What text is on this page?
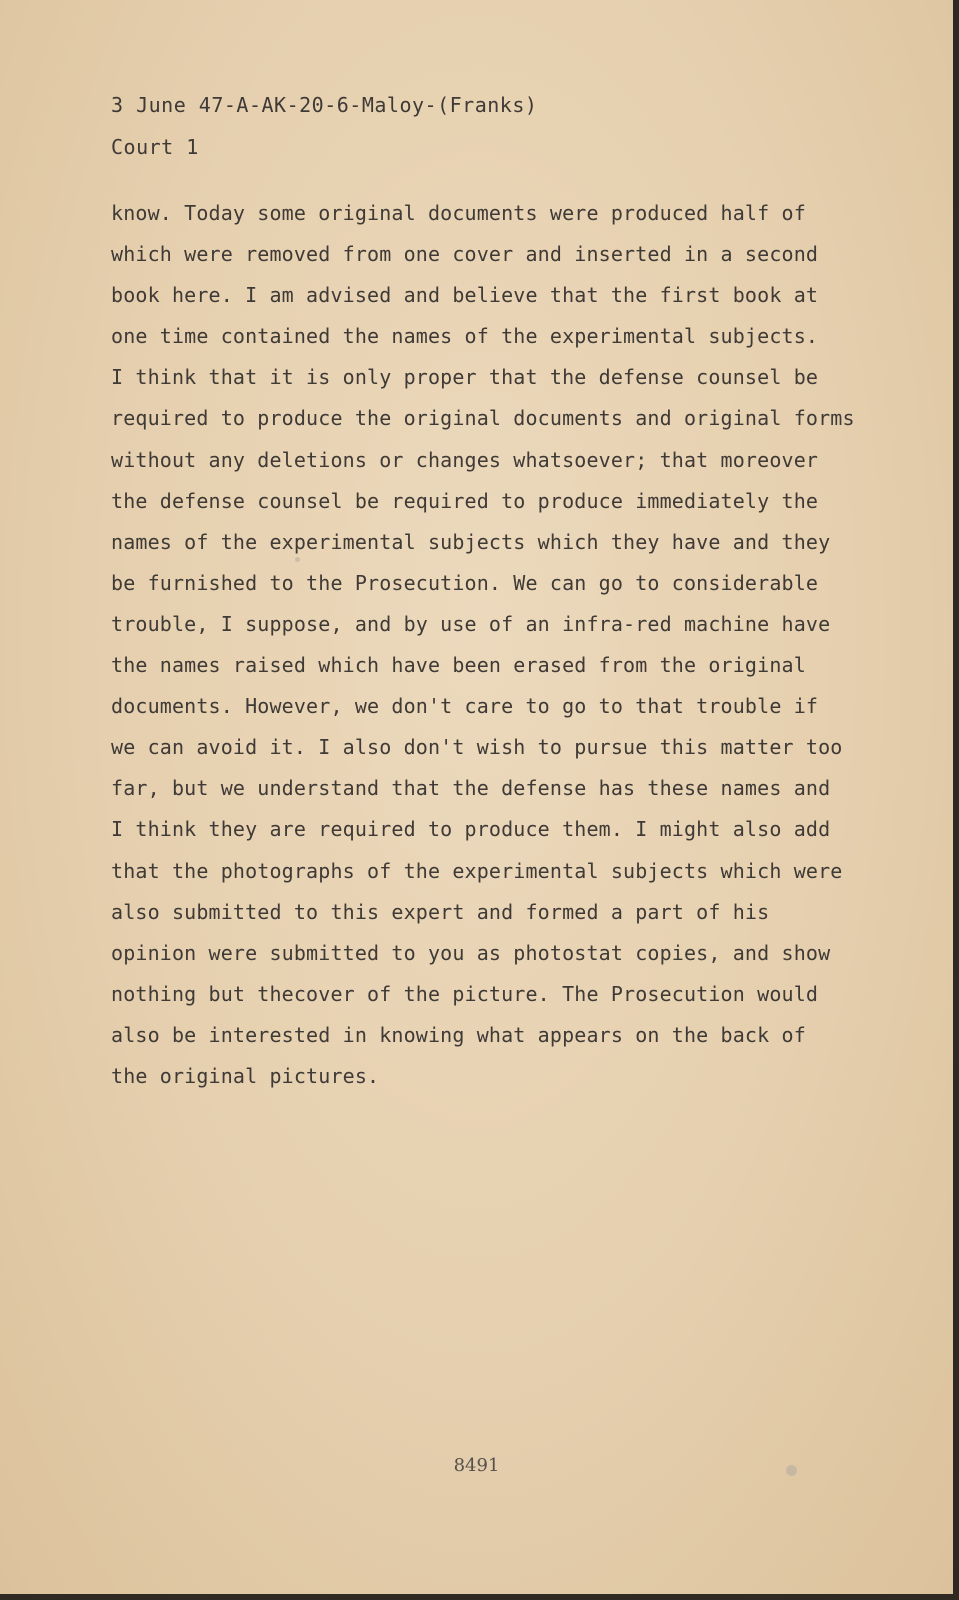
3 June 47-A-AK-20-6-Maloy-(Franks)
Court 1
know. Today some original documents were produced half of
which were removed from one cover and inserted in a second
book here. I am advised and believe that the first book at
one time contained the names of the experimental subjects.
I think that it is only proper that the defense counsel be
required to produce the original documents and original forms
without any deletions or changes whatsoever; that moreover
the defense counsel be required to produce immediately the
names of the experimental subjects which they have and they
be furnished to the Prosecution. We can go to considerable
trouble, I suppose, and by use of an infra-red machine have
the names raised which have been erased from the original
documents. However, we don't care to go to that trouble if
we can avoid it. I also don't wish to pursue this matter too
far, but we understand that the defense has these names and
I think they are required to produce them. I might also add
that the photographs of the experimental subjects which were
also submitted to this expert and formed a part of his
opinion were submitted to you as photostat copies, and show
nothing but thecover of the picture. The Prosecution would
also be interested in knowing what appears on the back of
the original pictures.
8491
